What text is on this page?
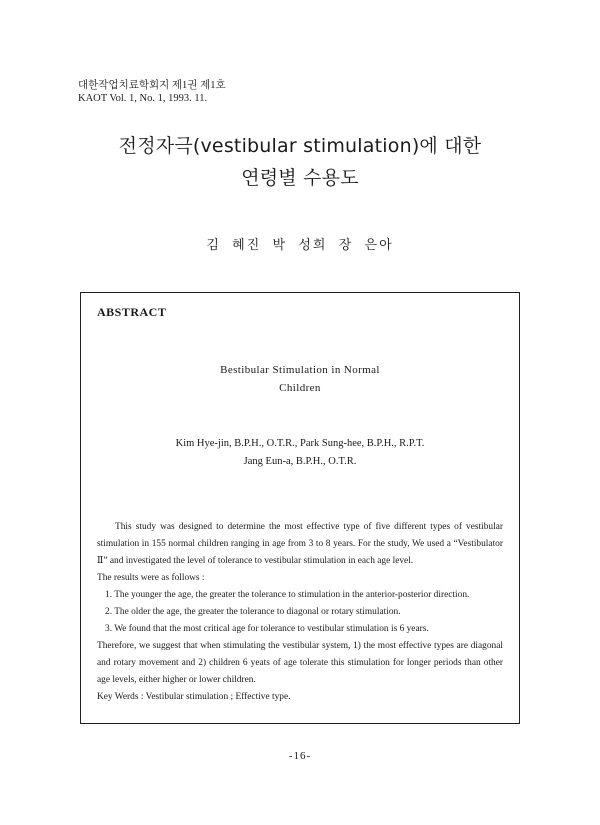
대한작업치료학회지 제1권 제1호
KAOT Vol. 1, No. 1, 1993. 11.
전정자극(vestibular stimulation)에 대한
연령별 수용도
김 혜진 박 성희 장 은아
ABSTRACT
Bestibular Stimulation in Normal
Children
Kim Hye-jin, B.P.H., O.T.R., Park Sung-hee, B.P.H., R.P.T.
Jang Eun-a, B.P.H., O.T.R.

This study was designed to determine the most effective type of five different types of vestibular stimulation in 155 normal children ranging in age from 3 to 8 years. For the study, We used a “Vestibulator Ⅱ” and investigated the level of tolerance to vestibular stimulation in each age level.

The results were as follows :

1. The younger the age, the greater the tolerance to stimulation in the anterior-posterior direction.
2. The older the age, the greater the tolerance to diagonal or rotary stimulation.
3. We found that the most critical age for tolerance to vestibular stimulation is 6 years.

Therefore, we suggest that when stimulating the vestibular system, 1) the most effective types are diagonal and rotary movement and 2) children 6 yeats of age tolerate this stimulation for longer periods than other age levels, either higher or lower children.

Key Werds : Vestibular stimulation ; Effective type.

-16-
